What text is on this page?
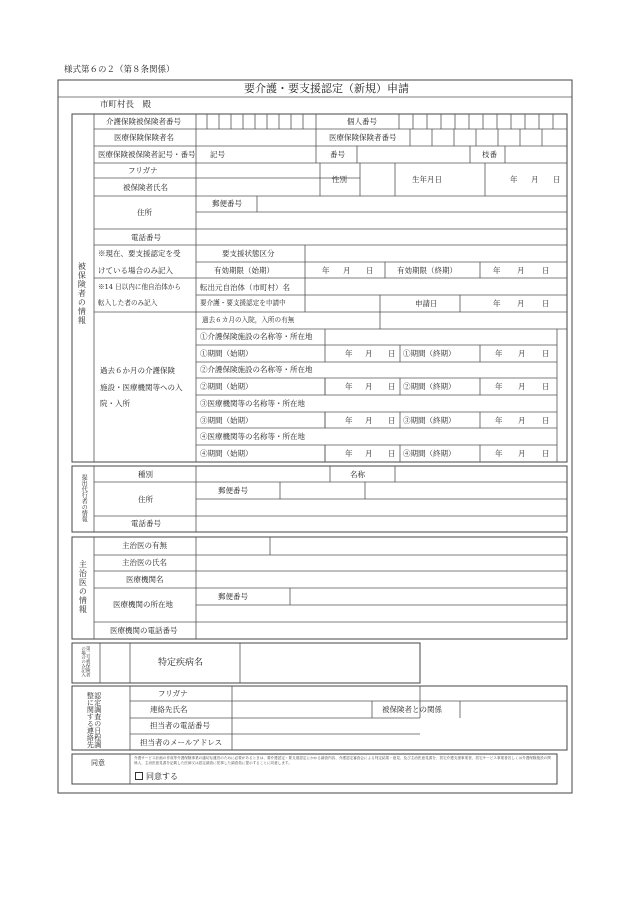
様式第６の２（第８条関係）
要介護・要支援認定（新規）申請
市町村長　殿
被保険者の情報
介護保険被保険者番号	個人番号
医療保険保険者名	医療保険保険者番号
医療保険被保険者記号・番号 記号	番号	枝番
フリガナ
被保険者氏名
性別	生年月日	年 月 日
住所
郵便番号
電話番号
※現在、要支援認定を受
けている場合のみ記入
要支援状態区分
有効期限（始期）	年 月 日	有効期限（終期）	年 月 日
※14 日以内に他自治体から
転入した者のみ記入
転出元自治体（市町村）名
要介護・要支援認定を申請中	申請日	年 月 日
過去６カ月の入院，入所の有無
過去６か月の介護保険
施設・医療機関等への入
院・入所
①介護保険施設の名称等・所在地
①期間（始期）	年 月 日 ①期間（終期）	年 月 日
②介護保険施設の名称等・所在地
②期間（始期）	年 月 日 ②期間（終期）	年 月 日
③医療機関等の名称等・所在地
③期間（始期）	年 月 日 ③期間（終期）	年 月 日
④医療機関等の名称等・所在地
④期間（始期）	年 月 日 ④期間（終期）	年 月 日
提出代行者の情報	種別	名称
住所
郵便番号
電話番号
主治医の情報
主治医の有無
主治医の氏名
医療機関名
医療機関の所在地
郵便番号
医療機関の電話番号
第二号被保険者の場合のみ記入	特定疾病名
認定調査の日程調整に関する連絡先	フリガナ
連絡先氏名	被保険者との関係
担当者の電話番号
担当者のメールアドレス
同意
介護サービス計画の作成等介護保険事業の適切な運営のために必要があるときは、要介護認定・要支援認定にかかる調査内容、介護認定審査会による判定結果・意見、及び主治医意見書を、居宅介護支援事業者、居宅サービス事業者若しくは介護保険施設の関係人、主治医意見書を記載した医師又は認定調査に従事した調査員に提示することに同意します。
同意する
